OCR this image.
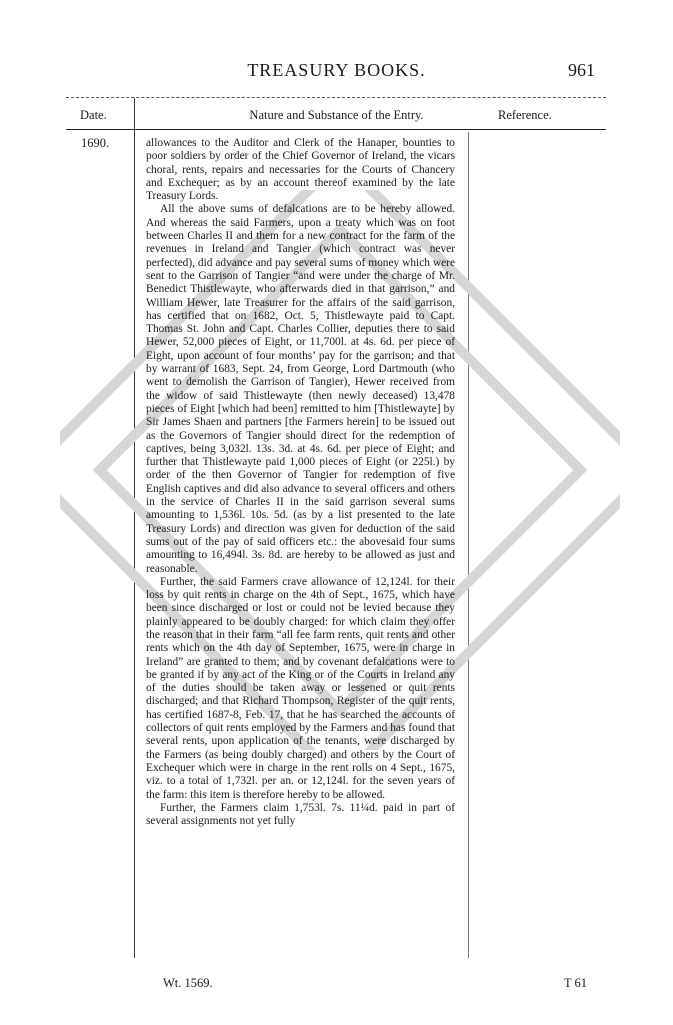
TREASURY BOOKS.	961
Date.	Nature and Substance of the Entry.	Reference.
1690.	allowances to the Auditor and Clerk of the Hanaper, bounties to poor soldiers by order of the Chief Governor of Ireland, the vicars choral, rents, repairs and necessaries for the Courts of Chancery and Exchequer; as by an account thereof examined by the late Treasury Lords.

All the above sums of defalcations are to be hereby allowed. And whereas the said Farmers, upon a treaty which was on foot between Charles II and them for a new contract for the farm of the revenues in Ireland and Tangier (which contract was never perfected), did advance and pay several sums of money which were sent to the Garrison of Tangier “and were under the charge of Mr. Benedict Thistlewayte, who afterwards died in that garrison,” and William Hewer, late Treasurer for the affairs of the said garrison, has certified that on 1682, Oct. 5, Thistlewayte paid to Capt. Thomas St. John and Capt. Charles Collier, deputies there to said Hewer, 52,000 pieces of Eight, or 11,700l. at 4s. 6d. per piece of Eight, upon account of four months’ pay for the garrison; and that by warrant of 1683, Sept. 24, from George, Lord Dartmouth (who went to demolish the Garrison of Tangier), Hewer received from the widow of said Thistlewayte (then newly deceased) 13,478 pieces of Eight [which had been] remitted to him [Thistlewayte] by Sir James Shaen and partners [the Farmers herein] to be issued out as the Governors of Tangier should direct for the redemption of captives, being 3,032l. 13s. 3d. at 4s. 6d. per piece of Eight; and further that Thistlewayte paid 1,000 pieces of Eight (or 225l.) by order of the then Governor of Tangier for redemption of five English captives and did also advance to several officers and others in the service of Charles II in the said garrison several sums amounting to 1,536l. 10s. 5d. (as by a list presented to the late Treasury Lords) and direction was given for deduction of the said sums out of the pay of said officers etc.: the abovesaid four sums amounting to 16,494l. 3s. 8d. are hereby to be allowed as just and reasonable.

Further, the said Farmers crave allowance of 12,124l. for their loss by quit rents in charge on the 4th of Sept., 1675, which have been since discharged or lost or could not be levied because they plainly appeared to be doubly charged: for which claim they offer the reason that in their farm “all fee farm rents, quit rents and other rents which on the 4th day of September, 1675, were in charge in Ireland” are granted to them; and by covenant defalcations were to be granted if by any act of the King or of the Courts in Ireland any of the duties should be taken away or lessened or quit rents discharged; and that Richard Thompson, Register of the quit rents, has certified 1687-8, Feb. 17, that he has searched the accounts of collectors of quit rents employed by the Farmers and has found that several rents, upon application of the tenants, were discharged by the Farmers (as being doubly charged) and others by the Court of Exchequer which were in charge in the rent rolls on 4 Sept., 1675, viz. to a total of 1,732l. per an. or 12,124l. for the seven years of the farm: this item is therefore hereby to be allowed.

Further, the Farmers claim 1,753l. 7s. 11¼d. paid in part of several assignments not yet fully

Wt. 1569.	T 61
